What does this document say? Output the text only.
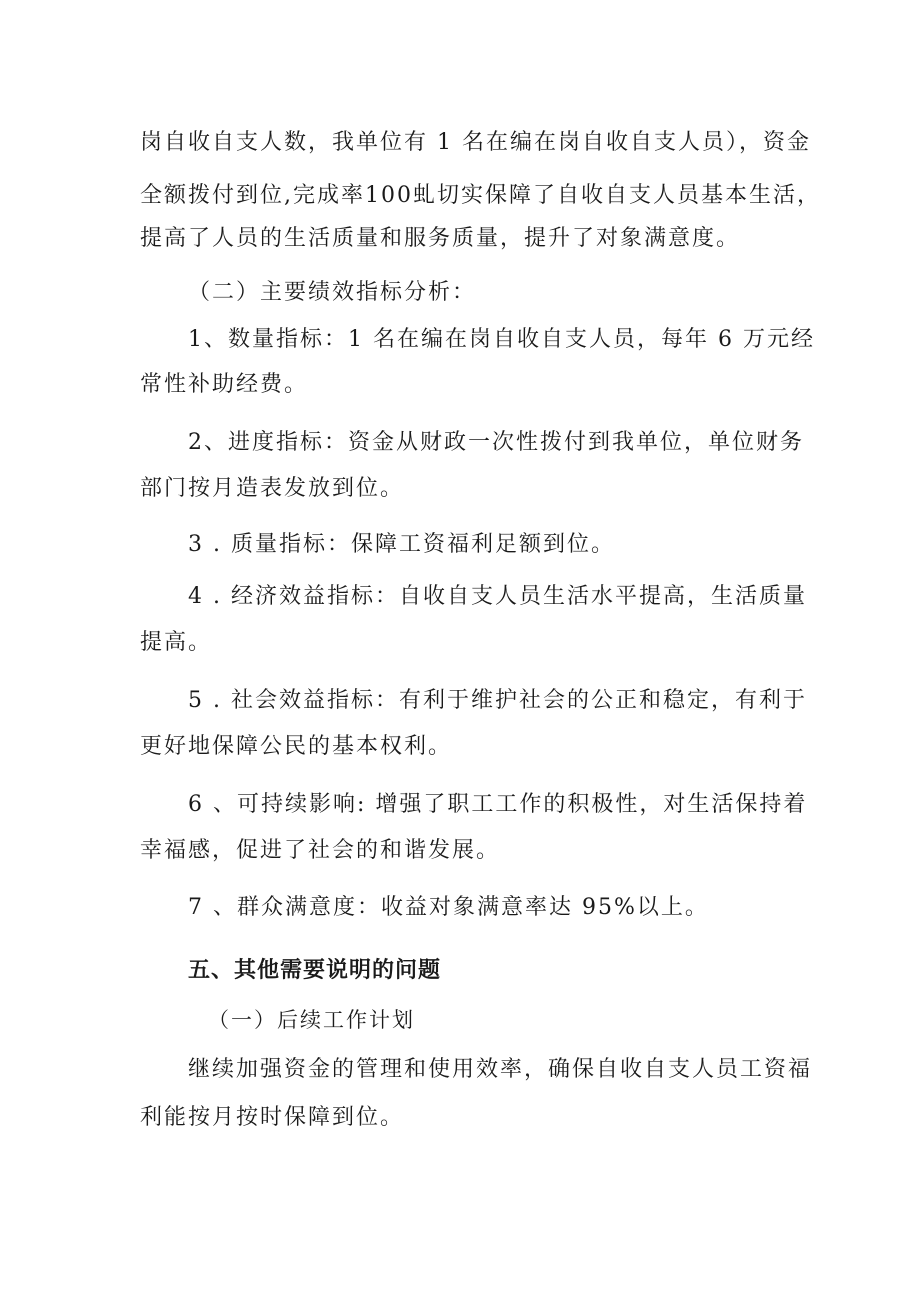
岗自收自支人数，我单位有 1 名在编在岗自收自支人员），资金
全额拨付到位,完成率100虬切实保障了自收自支人员基本生活，
提高了人员的生活质量和服务质量，提升了对象满意度。
（二）主要绩效指标分析：
1、数量指标：1 名在编在岗自收自支人员，每年 6 万元经
常性补助经费。
2、进度指标：资金从财政一次性拨付到我单位，单位财务
部门按月造表发放到位。
3 . 质量指标：保障工资福利足额到位。
4 . 经济效益指标：自收自支人员生活水平提高，生活质量
提高。
5 . 社会效益指标：有利于维护社会的公正和稳定，有利于
更好地保障公民的基本权利。
6 、可持续影响: 增强了职工工作的积极性，对生活保持着
幸福感，促进了社会的和谐发展。
7 、群众满意度：收益对象满意率达 95%以上。
五、其他需要说明的问题
（一）后续工作计划
继续加强资金的管理和使用效率，确保自收自支人员工资福
利能按月按时保障到位。
